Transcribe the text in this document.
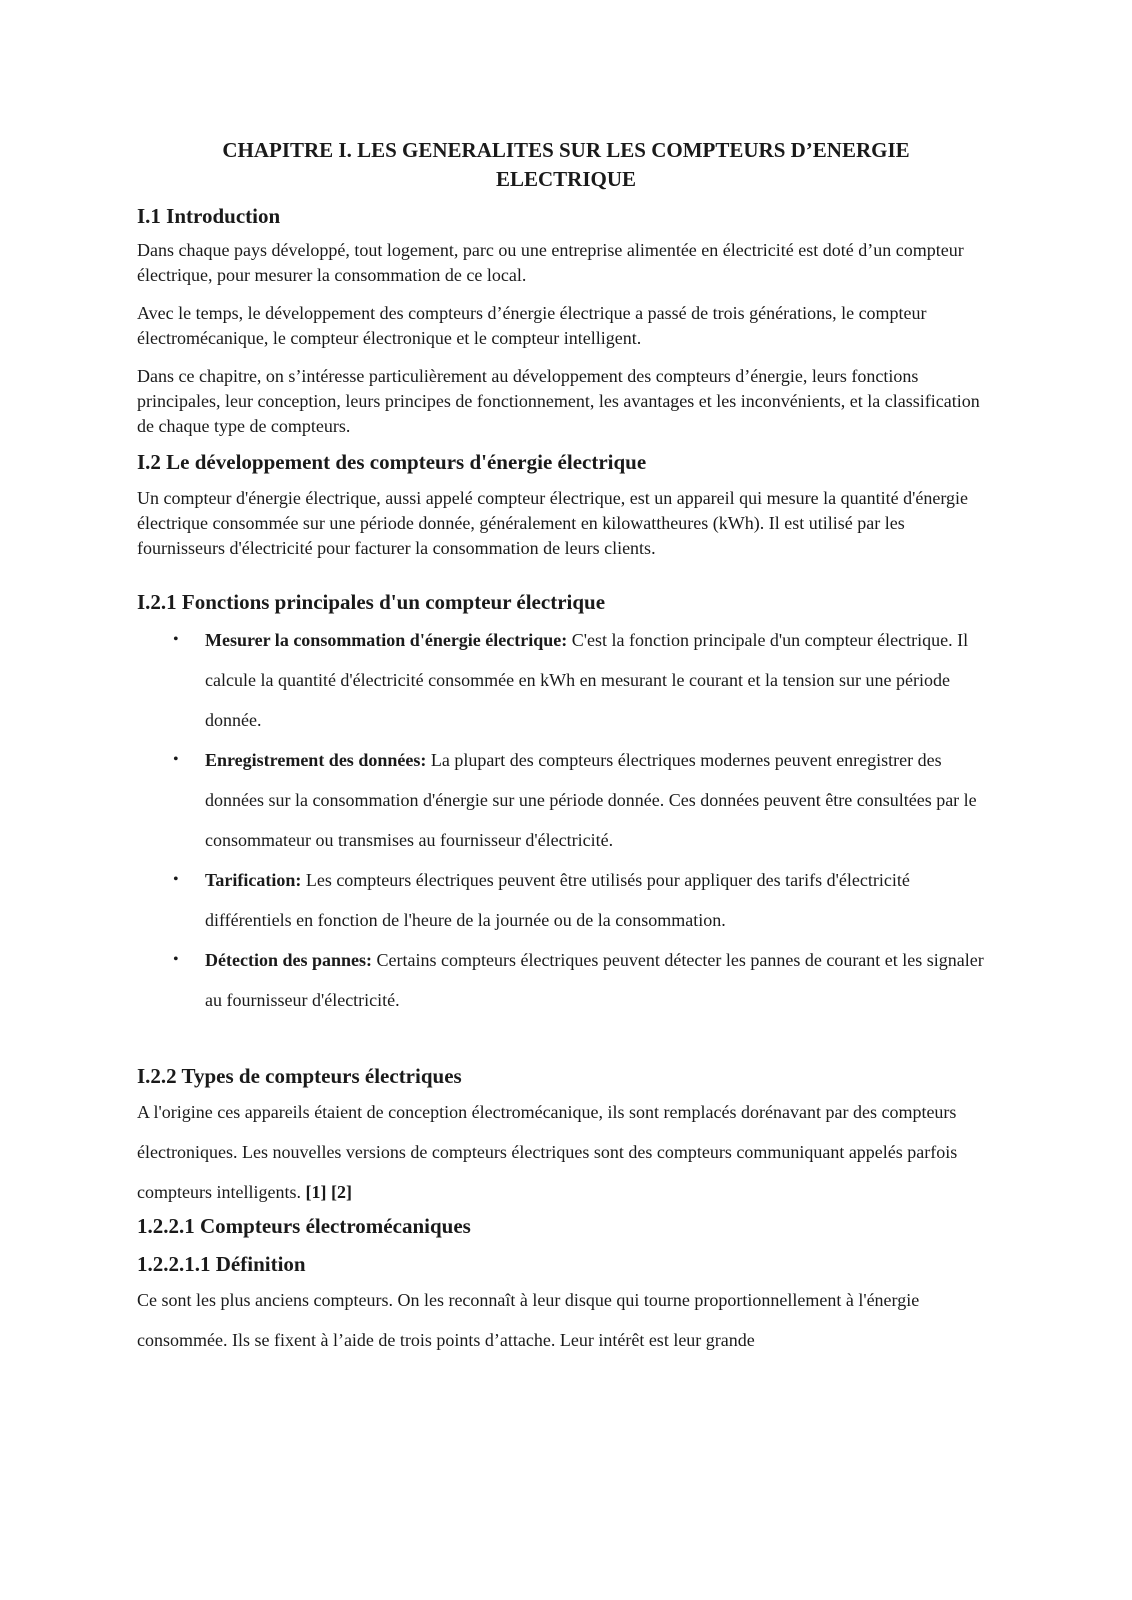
CHAPITRE I. LES GENERALITES SUR LES COMPTEURS D’ENERGIE
ELECTRIQUE
I.1 Introduction

Dans chaque pays développé, tout logement, parc ou une entreprise alimentée en électricité est doté d’un compteur électrique, pour mesurer la consommation de ce local.

Avec le temps, le développement des compteurs d’énergie électrique a passé de trois générations, le compteur électromécanique, le compteur électronique et le compteur intelligent.

Dans ce chapitre, on s’intéresse particulièrement au développement des compteurs d’énergie, leurs fonctions principales, leur conception, leurs principes de fonctionnement, les avantages et les inconvénients, et la classification de chaque type de compteurs.

I.2 Le développement des compteurs d'énergie électrique

Un compteur d'énergie électrique, aussi appelé compteur électrique, est un appareil qui mesure la quantité d'énergie électrique consommée sur une période donnée, généralement en kilowattheures (kWh). Il est utilisé par les fournisseurs d'électricité pour facturer la consommation de leurs clients.

I.2.1 Fonctions principales d'un compteur électrique
• Mesurer la consommation d'énergie électrique: C'est la fonction principale d'un compteur électrique. Il calcule la quantité d'électricité consommée en kWh en mesurant le courant et la tension sur une période donnée.
• Enregistrement des données: La plupart des compteurs électriques modernes peuvent enregistrer des données sur la consommation d'énergie sur une période donnée. Ces données peuvent être consultées par le consommateur ou transmises au fournisseur d'électricité.
• Tarification: Les compteurs électriques peuvent être utilisés pour appliquer des tarifs d'électricité différentiels en fonction de l'heure de la journée ou de la consommation.
• Détection des pannes: Certains compteurs électriques peuvent détecter les pannes de courant et les signaler au fournisseur d'électricité.
I.2.2 Types de compteurs électriques

A l'origine ces appareils étaient de conception électromécanique, ils sont remplacés dorénavant par des compteurs électroniques. Les nouvelles versions de compteurs électriques sont des compteurs communiquant appelés parfois compteurs intelligents. [1] [2]

1.2.2.1 Compteurs électromécaniques
1.2.2.1.1 Définition

Ce sont les plus anciens compteurs. On les reconnaît à leur disque qui tourne proportionnellement à l'énergie consommée. Ils se fixent à l’aide de trois points d’attache. Leur intérêt est leur grande
